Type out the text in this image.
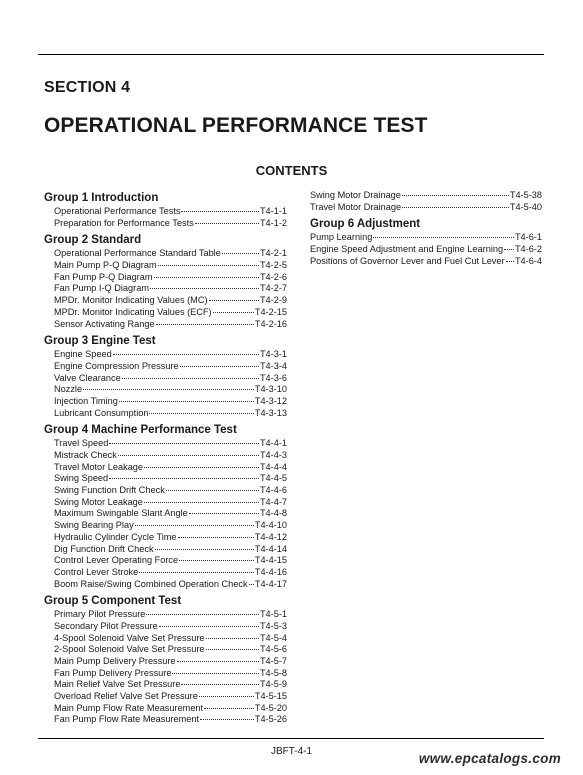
SECTION 4
OPERATIONAL PERFORMANCE TEST
CONTENTS
Group 1 Introduction
Operational Performance Tests	T4-1-1
Preparation for Performance Tests	T4-1-2
Group 2 Standard
Operational Performance Standard Table	T4-2-1
Main Pump P-Q Diagram	T4-2-5
Fan Pump P-Q Diagram	T4-2-6
Fan Pump I-Q Diagram	T4-2-7
MPDr. Monitor Indicating Values (MC)	T4-2-9
MPDr. Monitor Indicating Values (ECF)	T4-2-15
Sensor Activating Range	T4-2-16
Group 3 Engine Test
Engine Speed	T4-3-1
Engine Compression Pressure	T4-3-4
Valve Clearance	T4-3-6
Nozzle	T4-3-10
Injection Timing	T4-3-12
Lubricant Consumption	T4-3-13
Group 4 Machine Performance Test
Travel Speed	T4-4-1
Mistrack Check	T4-4-3
Travel Motor Leakage	T4-4-4
Swing Speed	T4-4-5
Swing Function Drift Check	T4-4-6
Swing Motor Leakage	T4-4-7
Maximum Swingable Slant Angle	T4-4-8
Swing Bearing Play	T4-4-10
Hydraulic Cylinder Cycle Time	T4-4-12
Dig Function Drift Check	T4-4-14
Control Lever Operating Force	T4-4-15
Control Lever Stroke	T4-4-16
Boom Raise/Swing Combined Operation Check T4-4-17
Group 5 Component Test
Primary Pilot Pressure	T4-5-1
Secondary Pilot Pressure	T4-5-3
4-Spool Solenoid Valve Set Pressure	T4-5-4
2-Spool Solenoid Valve Set Pressure	T4-5-6
Main Pump Delivery Pressure	T4-5-7
Fan Pump Delivery Pressure	T4-5-8
Main Relief Valve Set Pressure	T4-5-9
Overload Relief Valve Set Pressure	T4-5-15
Main Pump Flow Rate Measurement	T4-5-20
Fan Pump Flow Rate Measurement	T4-5-26
Swing Motor Drainage	T4-5-38
Travel Motor Drainage	T4-5-40
Group 6 Adjustment
Pump Learning	T4-6-1
Engine Speed Adjustment and Engine Learning T4-6-2
Positions of Governor Lever and Fuel Cut Lever T4-6-4

JBFT-4-1	www.epcatalogs.com
